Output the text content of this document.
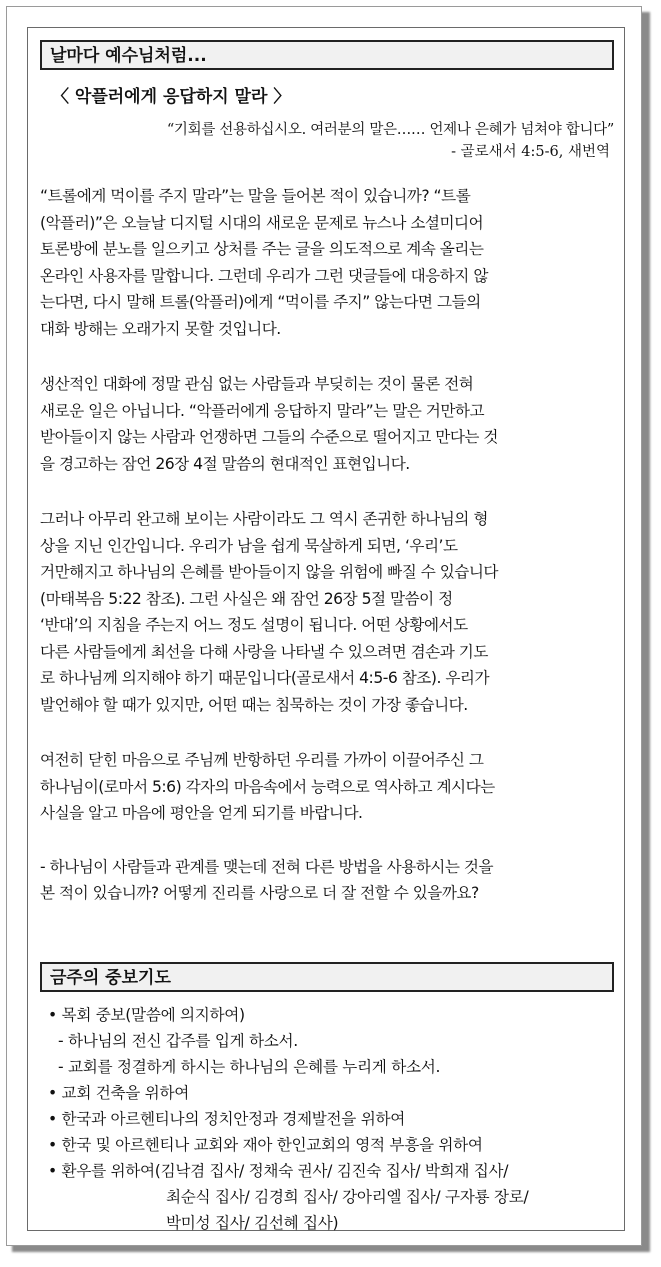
날마다 예수님처럼...
〈 악플러에게 응답하지 말라 〉
“기회를 선용하십시오. 여러분의 말은…… 언제나 은혜가 넘쳐야 합니다”
- 골로새서 4:5-6, 새번역

“트롤에게 먹이를 주지 말라”는 말을 들어본 적이 있습니까? “트롤
(악플러)”은 오늘날 디지털 시대의 새로운 문제로 뉴스나 소셜미디어
토론방에 분노를 일으키고 상처를 주는 글을 의도적으로 계속 올리는
온라인 사용자를 말합니다. 그런데 우리가 그런 댓글들에 대응하지 않
는다면, 다시 말해 트롤(악플러)에게 “먹이를 주지” 않는다면 그들의
대화 방해는 오래가지 못할 것입니다.

생산적인 대화에 정말 관심 없는 사람들과 부딪히는 것이 물론 전혀
새로운 일은 아닙니다. “악플러에게 응답하지 말라”는 말은 거만하고
받아들이지 않는 사람과 언쟁하면 그들의 수준으로 떨어지고 만다는 것
을 경고하는 잠언 26장 4절 말씀의 현대적인 표현입니다.

그러나 아무리 완고해 보이는 사람이라도 그 역시 존귀한 하나님의 형
상을 지닌 인간입니다. 우리가 남을 쉽게 묵살하게 되면, ‘우리’도
거만해지고 하나님의 은혜를 받아들이지 않을 위험에 빠질 수 있습니다
(마태복음 5:22 참조). 그런 사실은 왜 잠언 26장 5절 말씀이 정
‘반대’의 지침을 주는지 어느 정도 설명이 됩니다. 어떤 상황에서도
다른 사람들에게 최선을 다해 사랑을 나타낼 수 있으려면 겸손과 기도
로 하나님께 의지해야 하기 때문입니다(골로새서 4:5-6 참조). 우리가
발언해야 할 때가 있지만, 어떤 때는 침묵하는 것이 가장 좋습니다.

여전히 닫힌 마음으로 주님께 반항하던 우리를 가까이 이끌어주신 그
하나님이(로마서 5:6) 각자의 마음속에서 능력으로 역사하고 계시다는
사실을 알고 마음에 평안을 얻게 되기를 바랍니다.

- 하나님이 사람들과 관계를 맺는데 전혀 다른 방법을 사용하시는 것을
본 적이 있습니까? 어떻게 진리를 사랑으로 더 잘 전할 수 있을까요?

금주의 중보기도
• 목회 중보(말씀에 의지하여)
- 하나님의 전신 갑주를 입게 하소서.
- 교회를 정결하게 하시는 하나님의 은혜를 누리게 하소서.
• 교회 건축을 위하여
• 한국과 아르헨티나의 정치안정과 경제발전을 위하여
• 한국 및 아르헨티나 교회와 재아 한인교회의 영적 부흥을 위하여
• 환우를 위하여(김낙겸 집사/ 정채숙 권사/ 김진숙 집사/ 박희재 집사/
최순식 집사/ 김경희 집사/ 강아리엘 집사/ 구자룡 장로/
박미성 집사/ 김선혜 집사)
